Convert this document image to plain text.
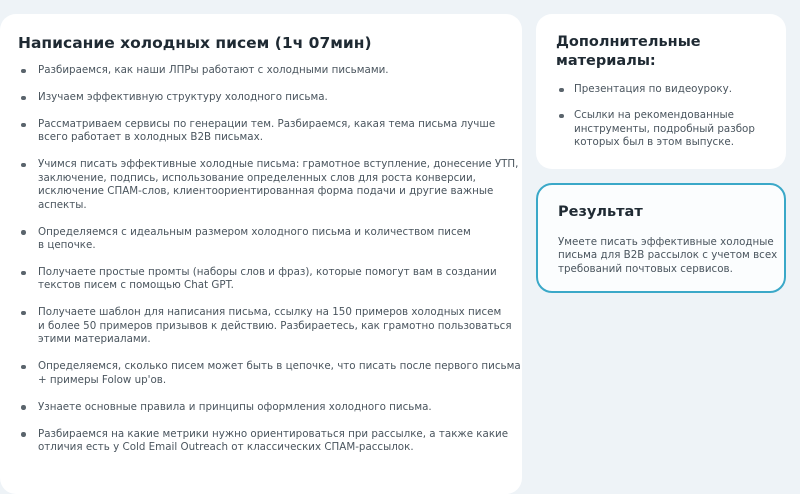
Написание холодных писем (1ч 07мин)
Разбираемся, как наши ЛПРы работают с холодными письмами.
Изучаем эффективную структуру холодного письма.
Рассматриваем сервисы по генерации тем. Разбираемся, какая тема письма лучше
всего работает в холодных B2B письмах.
Учимся писать эффективные холодные письма: грамотное вступление, донесение УТП,
заключение, подпись, использование определенных слов для роста конверсии,
исключение СПАМ-слов, клиентоориентированная форма подачи и другие важные
аспекты.
Определяемся с идеальным размером холодного письма и количеством писем
в цепочке.
Получаете простые промты (наборы слов и фраз), которые помогут вам в создании
текстов писем с помощью Chat GPT.
Получаете шаблон для написания письма, ссылку на 150 примеров холодных писем
и более 50 примеров призывов к действию. Разбираетесь, как грамотно пользоваться
этими материалами.
Определяемся, сколько писем может быть в цепочке, что писать после первого письма
+ примеры Folow up'ов.
Узнаете основные правила и принципы оформления холодного письма.
Разбираемся на какие метрики нужно ориентироваться при рассылке, а также какие
отличия есть у Cold Email Outreach от классических СПАМ-рассылок.
Дополнительные
материалы:
Презентация по видеоуроку.
Ссылки на рекомендованные
инструменты, подробный разбор
которых был в этом выпуске.
Результат

Умеете писать эффективные холодные
письма для B2B рассылок с учетом всех
требований почтовых сервисов.
